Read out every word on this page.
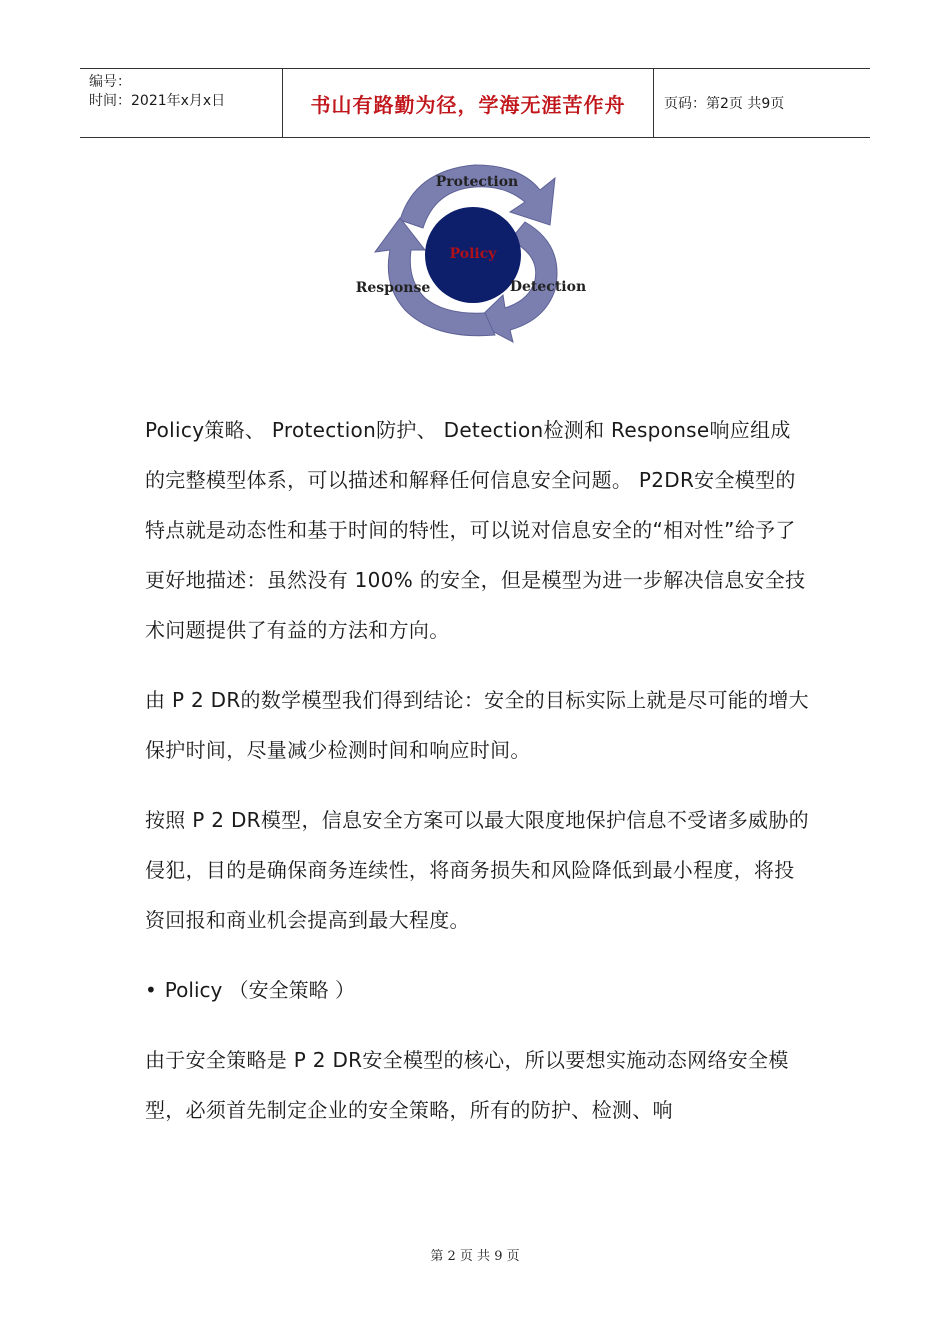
编号：
时间：2021年x月x日	书山有路勤为径，学海无涯苦作舟	页码：第2页 共9页
Policy
Protection
Response	Detection

Policy策略、 Protection防护、 Detection检测和 Response响应组成的完整模型体系，可以描述和解释任何信息安全问题。 P2DR安全模型的特点就是动态性和基于时间的特性，可以说对信息安全的“相对性”给予了更好地描述：虽然没有 100% 的安全，但是模型为进一步解决信息安全技术问题提供了有益的方法和方向。

由 P 2 DR的数学模型我们得到结论：安全的目标实际上就是尽可能的增大保护时间，尽量减少检测时间和响应时间。

按照 P 2 DR模型，信息安全方案可以最大限度地保护信息不受诸多威胁的侵犯，目的是确保商务连续性，将商务损失和风险降低到最小程度，将投资回报和商业机会提高到最大程度。

• Policy （安全策略 ）

由于安全策略是 P 2 DR安全模型的核心，所以要想实施动态网络安全模型，必须首先制定企业的安全策略，所有的防护、检测、响

第 2 页 共 9 页
